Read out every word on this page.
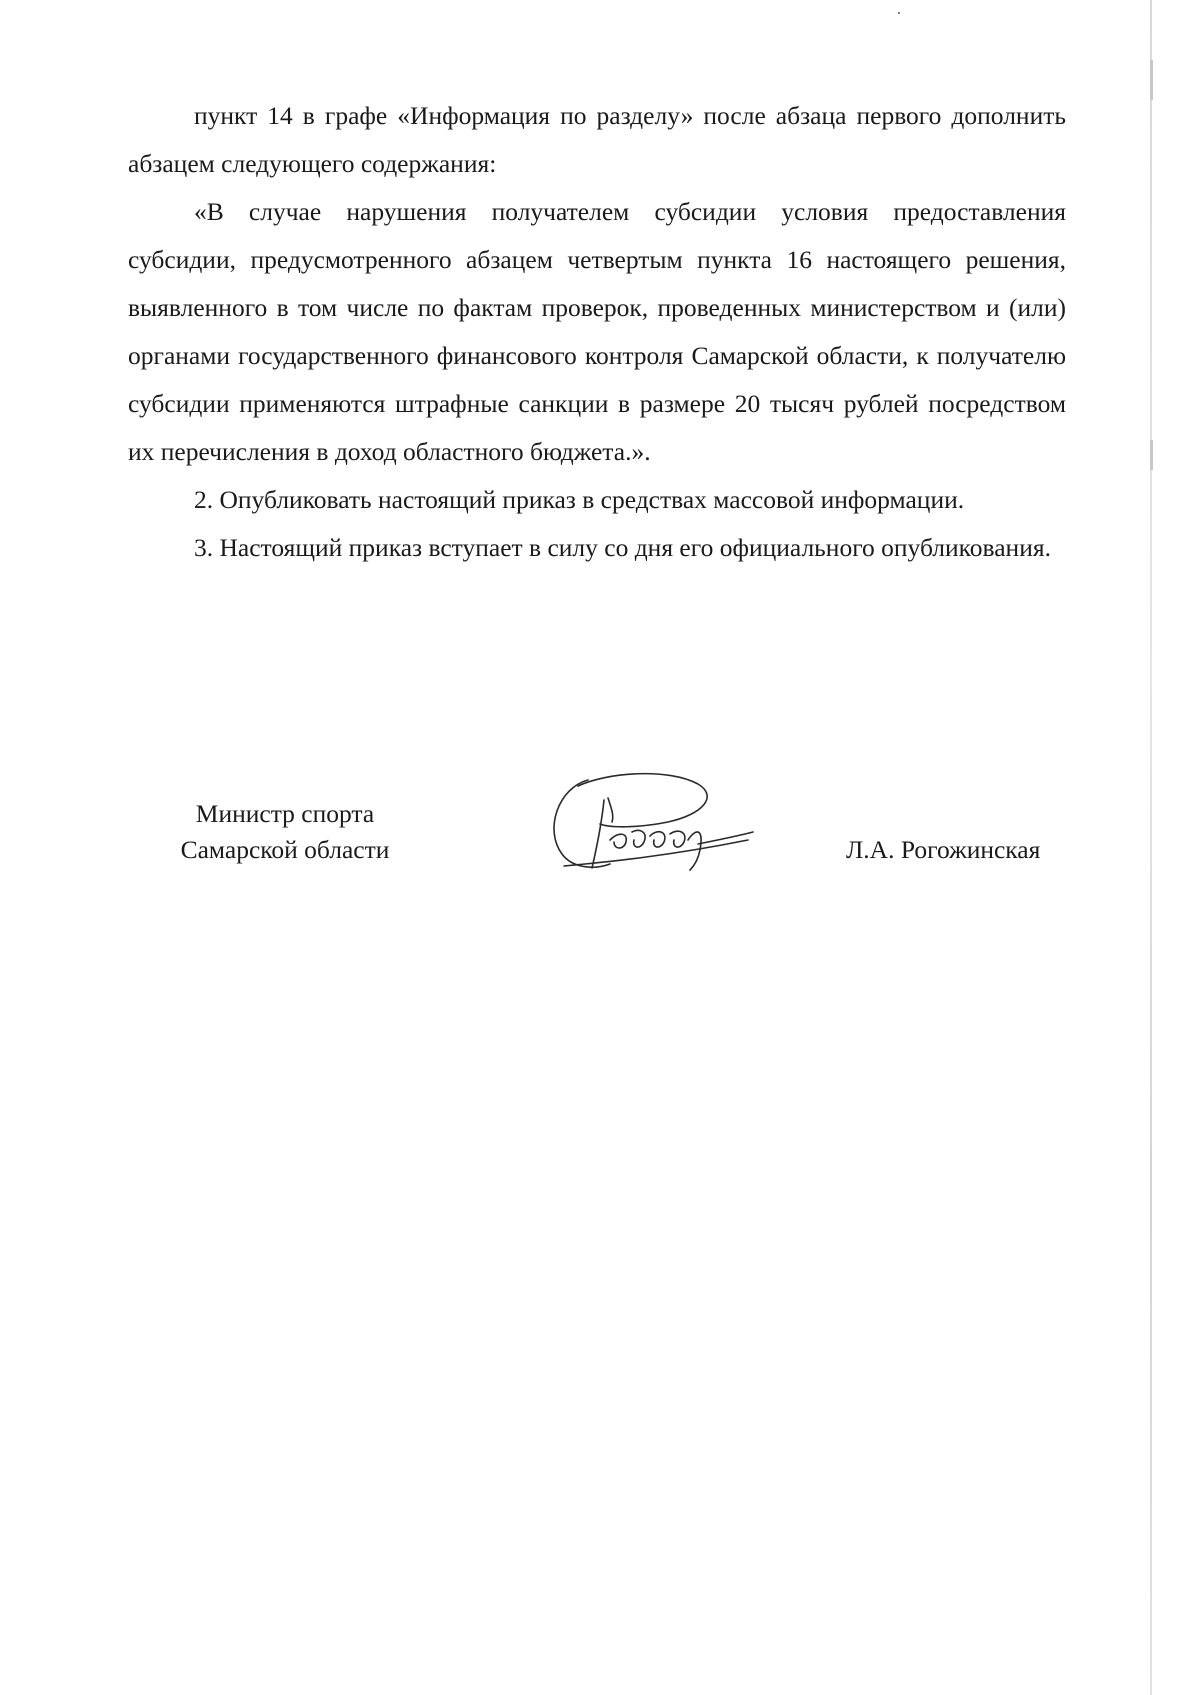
пункт 14 в графе «Информация по разделу» после абзаца первого дополнить абзацем следующего содержания:

«В случае нарушения получателем субсидии условия предоставления субсидии, предусмотренного абзацем четвертым пункта 16 настоящего решения, выявленного в том числе по фактам проверок, проведенных министерством и (или) органами государственного финансового контроля Самарской области, к получателю субсидии применяются штрафные санкции в размере 20 тысяч рублей посредством их перечисления в доход областного бюджета.».

2. Опубликовать настоящий приказ в средствах массовой информации.

3. Настоящий приказ вступает в силу со дня его официального опубликования.

Министр спорта
Самарской области	Л.А. Рогожинская
